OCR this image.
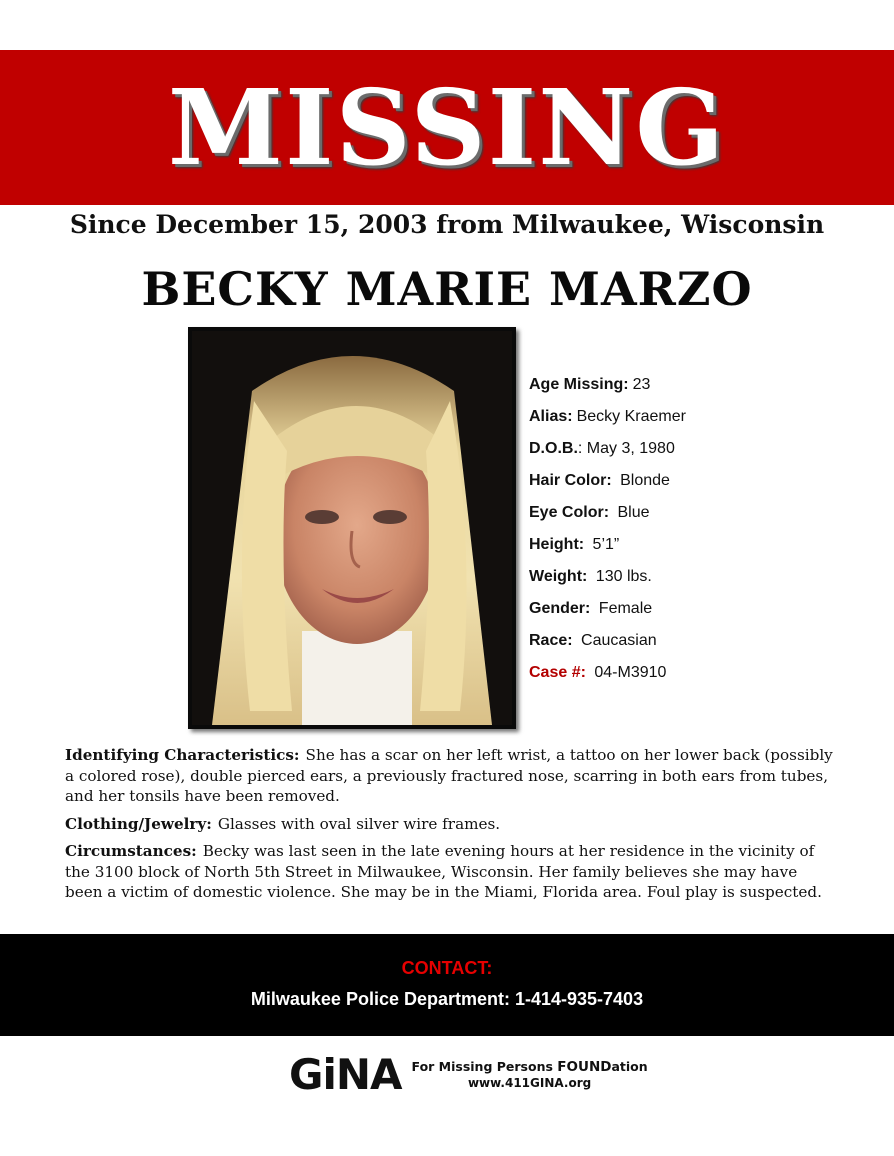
MISSING
Since December 15, 2003 from Milwaukee, Wisconsin
BECKY MARIE MARZO
Age Missing: 23
Alias: Becky Kraemer
D.O.B.: May 3, 1980
Hair Color: Blonde
Eye Color: Blue
Height: 5’1”
Weight: 130 lbs.
Gender: Female
Race: Caucasian
Case #: 04-M3910

Identifying Characteristics: She has a scar on her left wrist, a tattoo on her lower back (possibly a colored rose), double pierced ears, a previously fractured nose, scarring in both ears from tubes, and her tonsils have been removed.

Clothing/Jewelry: Glasses with oval silver wire frames.

Circumstances: Becky was last seen in the late evening hours at her residence in the vicinity of the 3100 block of North 5th Street in Milwaukee, Wisconsin. Her family believes she may have been a victim of domestic violence. She may be in the Miami, Florida area. Foul play is suspected.

CONTACT:
Milwaukee Police Department: 1-414-935-7403
GiNA For Missing Persons FOUNDation
www.411GINA.org
